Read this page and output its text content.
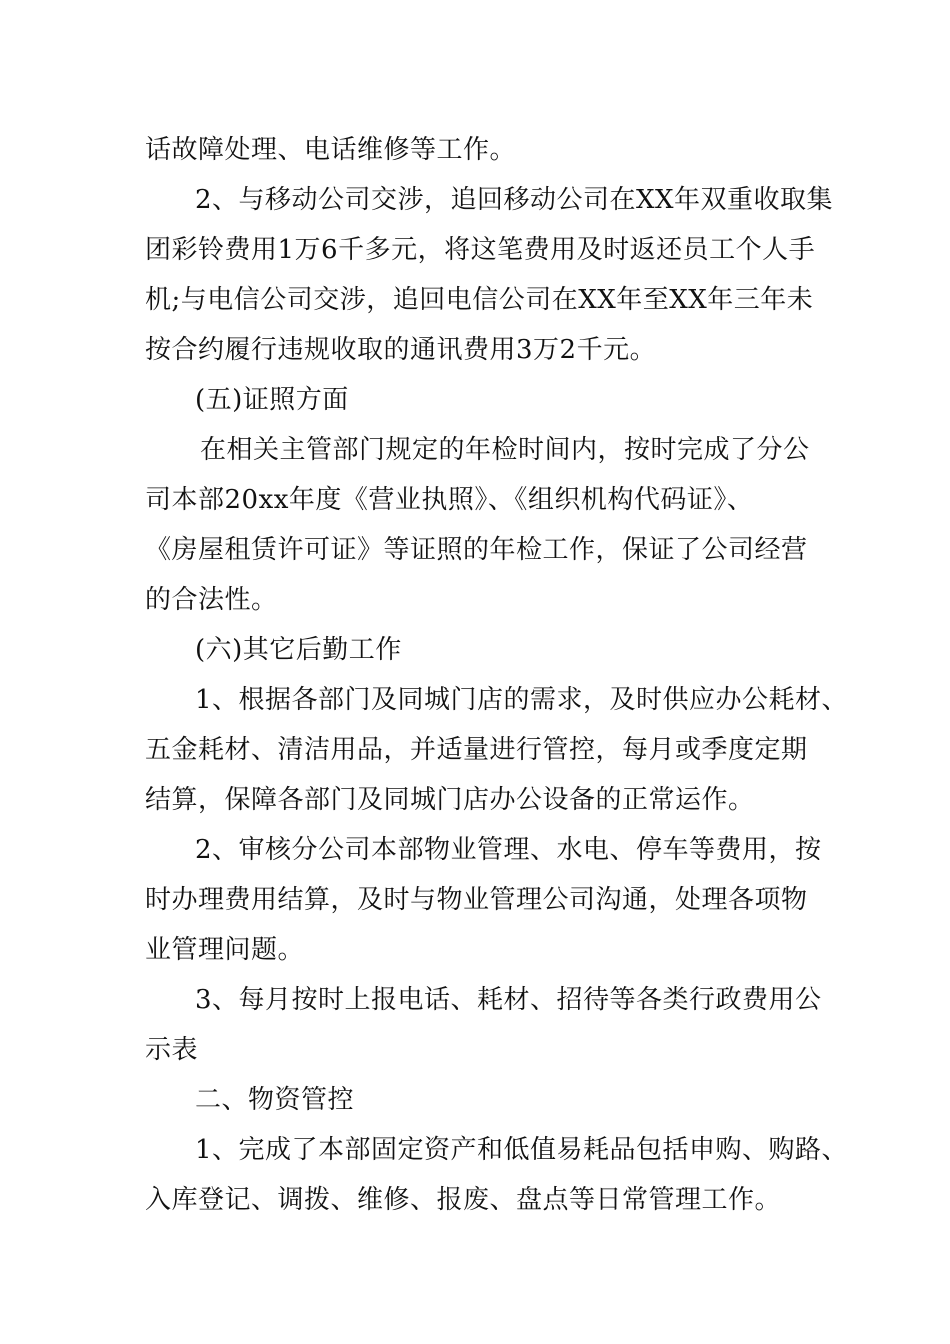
话故障处理、电话维修等工作。
2、与移动公司交涉，追回移动公司在XX年双重收取集
团彩铃费用1万6千多元，将这笔费用及时返还员工个人手
机;与电信公司交涉，追回电信公司在XX年至XX年三年未
按合约履行违规收取的通讯费用3万2千元。
(五)证照方面
在相关主管部门规定的年检时间内，按时完成了分公
司本部20xx年度《营业执照》、《组织机构代码证》、
《房屋租赁许可证》等证照的年检工作，保证了公司经营
的合法性。
(六)其它后勤工作
1、根据各部门及同城门店的需求，及时供应办公耗材、
五金耗材、清洁用品，并适量进行管控，每月或季度定期
结算，保障各部门及同城门店办公设备的正常运作。
2、审核分公司本部物业管理、水电、停车等费用，按
时办理费用结算，及时与物业管理公司沟通，处理各项物
业管理问题。
3、每月按时上报电话、耗材、招待等各类行政费用公
示表
二、物资管控
1、完成了本部固定资产和低值易耗品包括申购、购路、
入库登记、调拨、维修、报废、盘点等日常管理工作。
